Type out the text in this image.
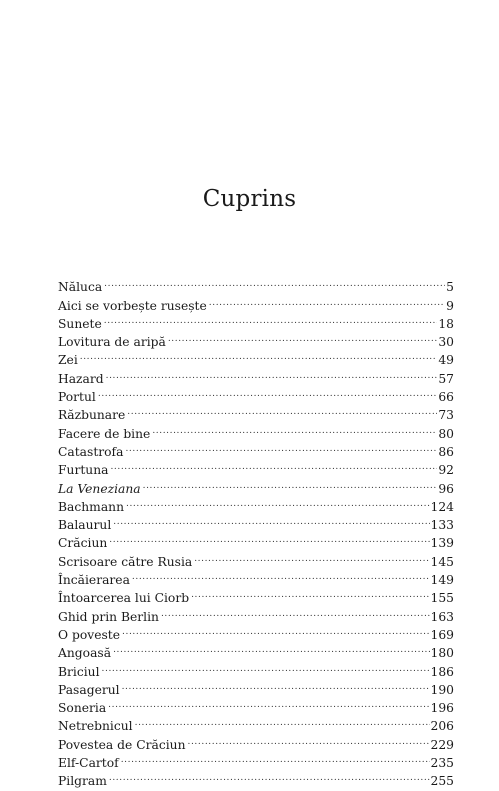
Cuprins
Năluca .....	5
Aici se vorbește rusește .....	9
Sunete .....	18
Lovitura de aripă .....	30
Zei .....	49
Hazard .....	57
Portul .....	66
Răzbunare .....	73
Facere de bine .....	80
Catastrofa .....	86
Furtuna .....	92
La Veneziana .....	96
Bachmann .....	124
Balaurul .....	133
Crăciun .....	139
Scrisoare către Rusia .....	145
Încăierarea .....	149
Întoarcerea lui Ciorb .....	155
Ghid prin Berlin .....	163
O poveste .....	169
Angoasă .....	180
Briciul .....	186
Pasagerul .....	190
Soneria .....	196
Netrebnicul .....	206
Povestea de Crăciun .....	229
Elf-Cartof .....	235
Pilgram .....	255
